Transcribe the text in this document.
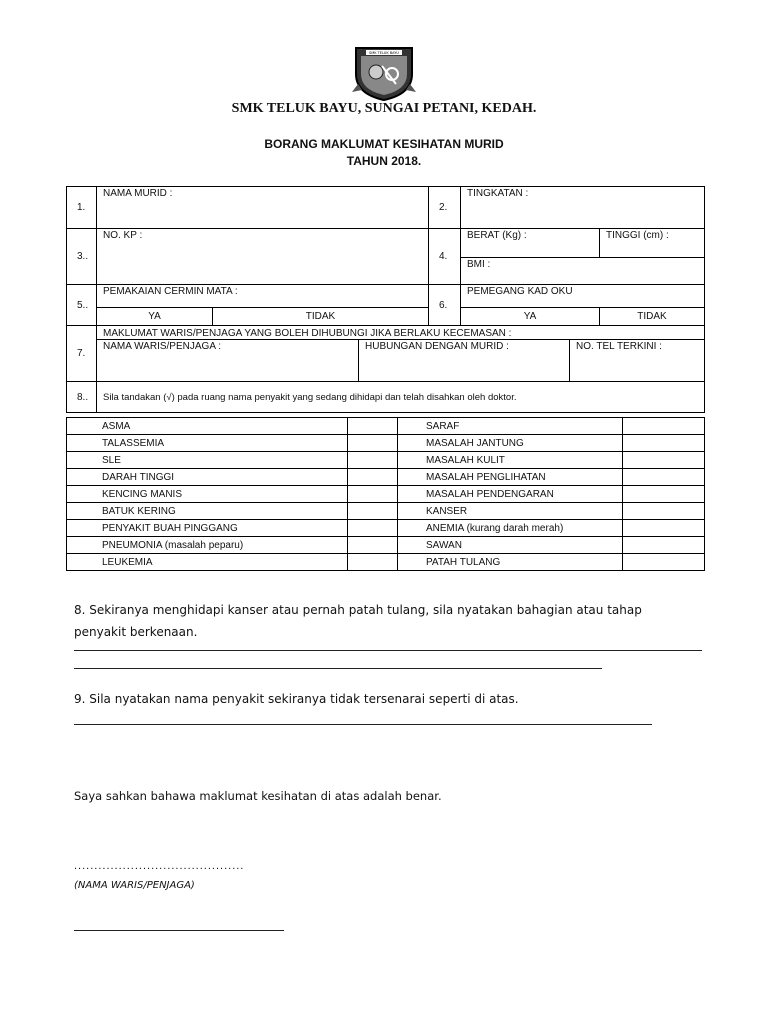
SMK TELUK BAYU
SMK TELUK BAYU, SUNGAI PETANI, KEDAH.
BORANG MAKLUMAT KESIHATAN MURID
TAHUN 2018.
1.	NAMA MURID :			2.	TINGKATAN :		
3..	NO. KP :			4.	BERAT (Kg) :		TINGGI (cm) :
					BMI :		
5..	PEMAKAIAN CERMIN MATA :			6.	PEMEGANG KAD OKU		
	YA	TIDAK			YA		TIDAK
7.	MAKLUMAT WARIS/PENJAGA YANG BOLEH DIHUBUNGI JIKA BERLAKU KECEMASAN :						
	NAMA WARIS/PENJAGA :		HUBUNGAN DENGAN MURID :			NO. TEL TERKINI :	
8..	Sila tandakan (√) pada ruang nama penyakit yang sedang dihidapi dan telah disahkan oleh doktor.						
ASMA		SARAF	
TALASSEMIA		MASALAH JANTUNG	
SLE		MASALAH KULIT	
DARAH TINGGI		MASALAH PENGLIHATAN	
KENCING MANIS		MASALAH PENDENGARAN	
BATUK KERING		KANSER	
PENYAKIT BUAH PINGGANG		ANEMIA (kurang darah merah)	
PNEUMONIA (masalah peparu)		SAWAN	
LEUKEMIA		PATAH TULANG	
8. Sekiranya menghidapi kanser atau pernah patah tulang, sila nyatakan bahagian atau tahap penyakit berkenaan.
9. Sila nyatakan nama penyakit sekiranya tidak tersenarai seperti di atas.
Saya sahkan bahawa maklumat kesihatan di atas adalah benar.
..........................................
(NAMA WARIS/PENJAGA)
